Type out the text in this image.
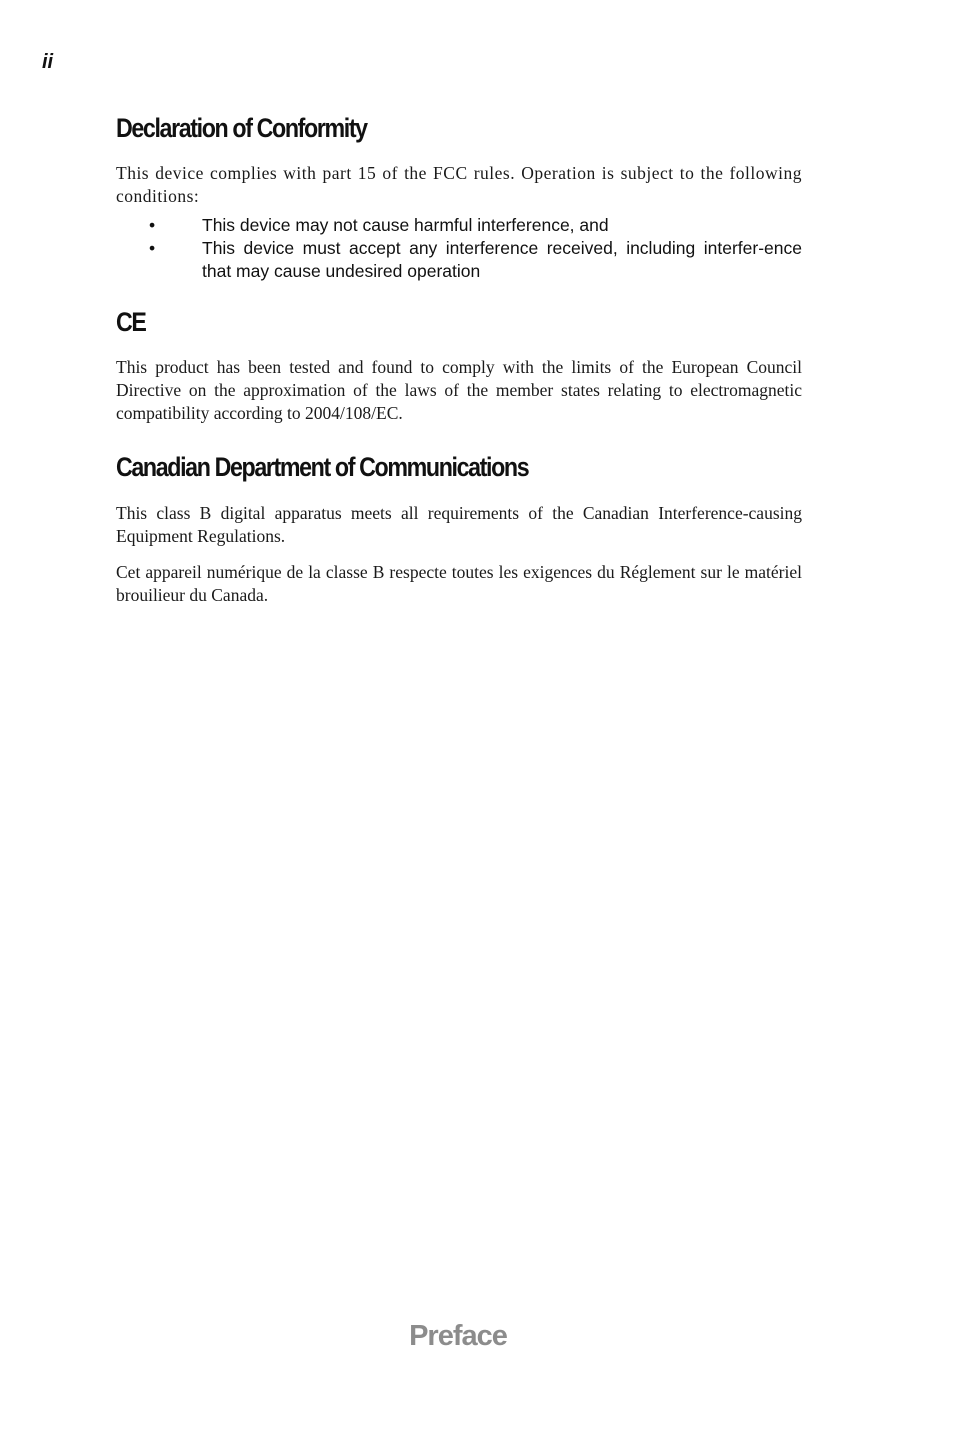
ii

Declaration of Conformity

This device complies with part 15 of the FCC rules. Operation is subject to the following conditions:

•	This device may not cause harmful interference, and
•	This device must accept any interference received, including interfer-ence that may cause undesired operation
CE

This product has been tested and found to comply with the limits of the European Council Directive on the approximation of the laws of the member states relating to electromagnetic compatibility according to 2004/108/EC.

Canadian Department of Communications

This class B digital apparatus meets all requirements of the Canadian Interference-causing Equipment Regulations.

Cet appareil numérique de la classe B respecte toutes les exigences du Réglement sur le matériel brouilieur du Canada.

Preface
